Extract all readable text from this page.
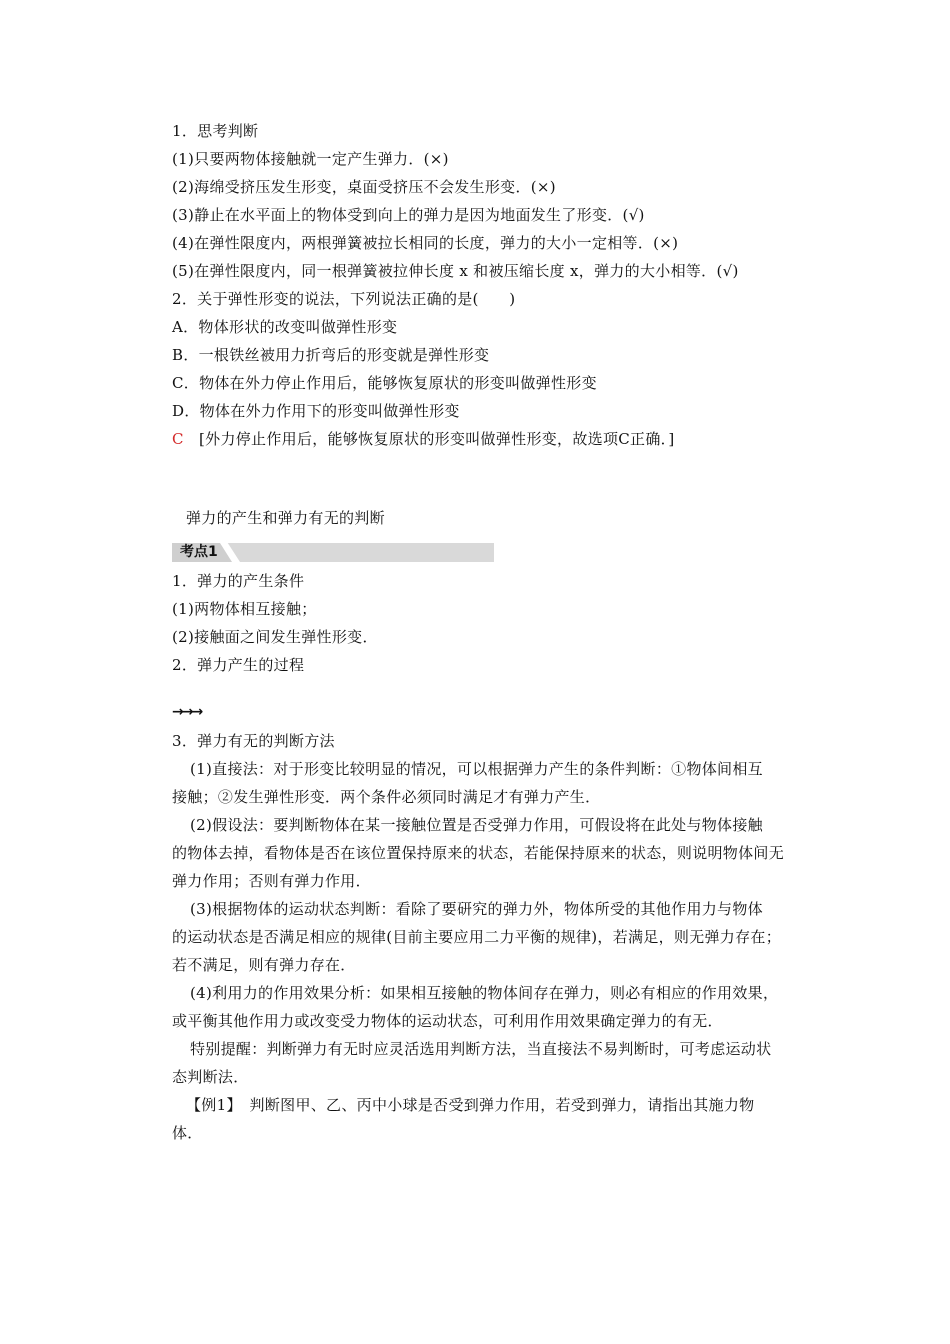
1．思考判断
(1)只要两物体接触就一定产生弹力．(×)
(2)海绵受挤压发生形变，桌面受挤压不会发生形变．(×)
(3)静止在水平面上的物体受到向上的弹力是因为地面发生了形变．(√)
(4)在弹性限度内，两根弹簧被拉长相同的长度，弹力的大小一定相等．(×)
(5)在弹性限度内，同一根弹簧被拉伸长度 x 和被压缩长度 x，弹力的大小相等．(√)
2．关于弹性形变的说法，下列说法正确的是(　　)
A．物体形状的改变叫做弹性形变
B．一根铁丝被用力折弯后的形变就是弹性形变
C．物体在外力停止作用后，能够恢复原状的形变叫做弹性形变
D．物体在外力作用下的形变叫做弹性形变
C [外力停止作用后，能够恢复原状的形变叫做弹性形变，故选项C正确．]
弹力的产生和弹力有无的判断
考点1
1．弹力的产生条件
(1)两物体相互接触；
(2)接触面之间发生弹性形变．
2．弹力产生的过程
→→→
3．弹力有无的判断方法
(1)直接法：对于形变比较明显的情况，可以根据弹力产生的条件判断：①物体间相互
接触；②发生弹性形变．两个条件必须同时满足才有弹力产生．
(2)假设法：要判断物体在某一接触位置是否受弹力作用，可假设将在此处与物体接触
的物体去掉，看物体是否在该位置保持原来的状态，若能保持原来的状态，则说明物体间无
弹力作用；否则有弹力作用．
(3)根据物体的运动状态判断：看除了要研究的弹力外，物体所受的其他作用力与物体
的运动状态是否满足相应的规律(目前主要应用二力平衡的规律)，若满足，则无弹力存在；
若不满足，则有弹力存在．
(4)利用力的作用效果分析：如果相互接触的物体间存在弹力，则必有相应的作用效果，
或平衡其他作用力或改变受力物体的运动状态，可利用作用效果确定弹力的有无．
特别提醒：判断弹力有无时应灵活选用判断方法，当直接法不易判断时，可考虑运动状
态判断法．
【例1】　判断图甲、乙、丙中小球是否受到弹力作用，若受到弹力，请指出其施力物
体．
